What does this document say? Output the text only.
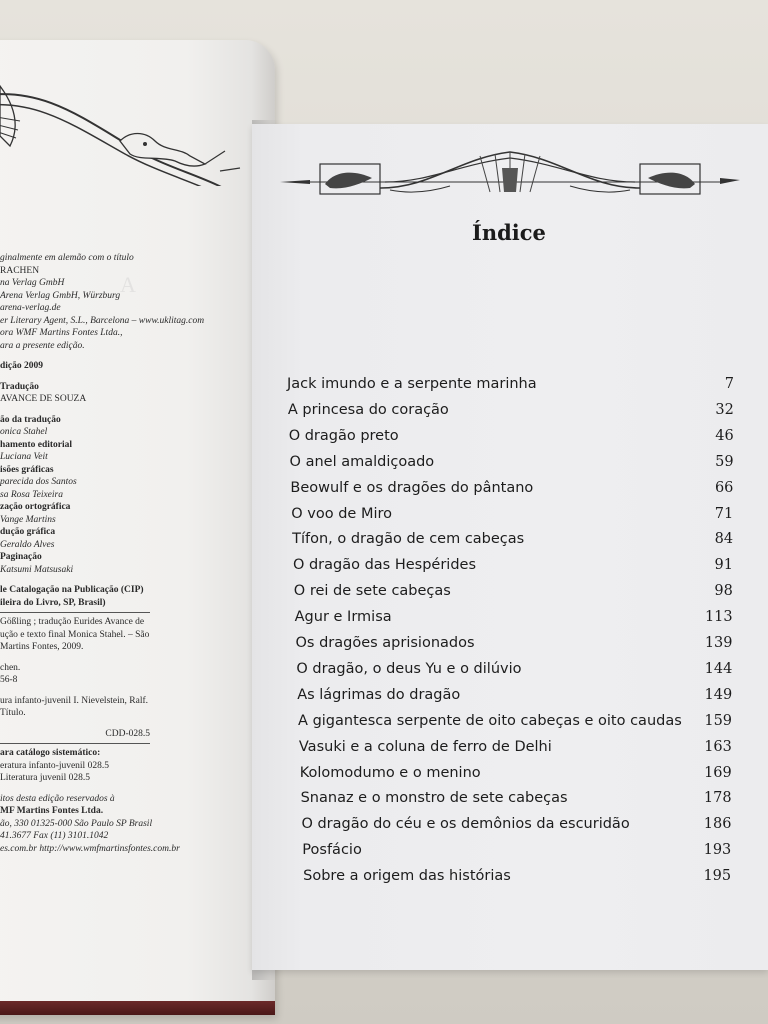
A
ginalmente em alemão com o título
RACHEN
na Verlag GmbH
Arena Verlag GmbH, Würzburg
arena-verlag.de
er Literary Agent, S.L., Barcelona – www.uklitag.com
ora WMF Martins Fontes Ltda.,
ara a presente edição.
dição 2009
Tradução
AVANCE DE SOUZA
ão da tradução
onica Stahel
hamento editorial
Luciana Veit
isões gráficas
parecida dos Santos
sa Rosa Teixeira
zação ortográfica
Vange Martins
dução gráfica
Geraldo Alves
Paginação
Katsumi Matsusaki
le Catalogação na Publicação (CIP)
ileira do Livro, SP, Brasil)
Gößling ; tradução Eurides Avance de
ução e texto final Monica Stahel. – São
Martins Fontes, 2009.
chen.
56-8
ura infanto-juvenil I. Nievelstein, Ralf.
Título.
CDD-028.5
ara catálogo sistemático:
eratura infanto-juvenil 028.5
Literatura juvenil 028.5
itos desta edição reservados à
MF Martins Fontes Ltda.
ão, 330 01325-000 São Paulo SP Brasil
41.3677 Fax (11) 3101.1042
es.com.br http://www.wmfmartinsfontes.com.br
Índice
Jack imundo e a serpente marinha	7
A princesa do coração	32
O dragão preto	46
O anel amaldiçoado	59
Beowulf e os dragões do pântano	66
O voo de Miro	71
Tífon, o dragão de cem cabeças	84
O dragão das Hespérides	91
O rei de sete cabeças	98
Agur e Irmisa	113
Os dragões aprisionados	139
O dragão, o deus Yu e o dilúvio	144
As lágrimas do dragão	149
A gigantesca serpente de oito cabeças e oito caudas	159
Vasuki e a coluna de ferro de Delhi	163
Kolomodumo e o menino	169
Snanaz e o monstro de sete cabeças	178
O dragão do céu e os demônios da escuridão	186
Posfácio	193
Sobre a origem das histórias	195
